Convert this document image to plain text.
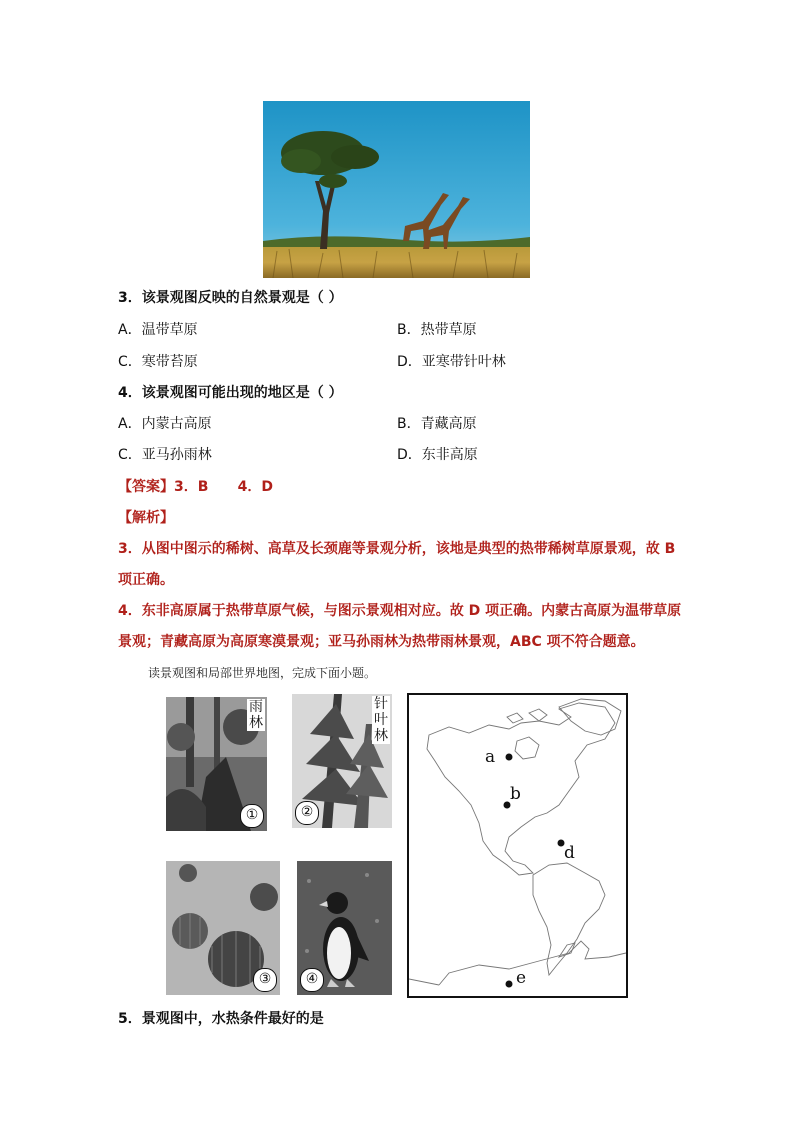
3．该景观图反映的自然景观是（ ）
A．温带草原	B．热带草原
C．寒带苔原	D．亚寒带针叶林
4．该景观图可能出现的地区是（ ）
A．内蒙古高原	B．青藏高原
C．亚马孙雨林	D．东非高原
【答案】3．B      4．D
【解析】
3．从图中图示的稀树、高草及长颈鹿等景观分析，该地是典型的热带稀树草原景观，故 B
项正确。
4．东非高原属于热带草原气候，与图示景观相对应。故 D 项正确。内蒙古高原为温带草原
景观；青藏高原为高原寒漠景观；亚马孙雨林为热带雨林景观，ABC 项不符合题意。
读景观图和局部世界地图，完成下面小题。
雨
林
①
针
叶
林
②
③	④
a
b
d
e
5．景观图中，水热条件最好的是
